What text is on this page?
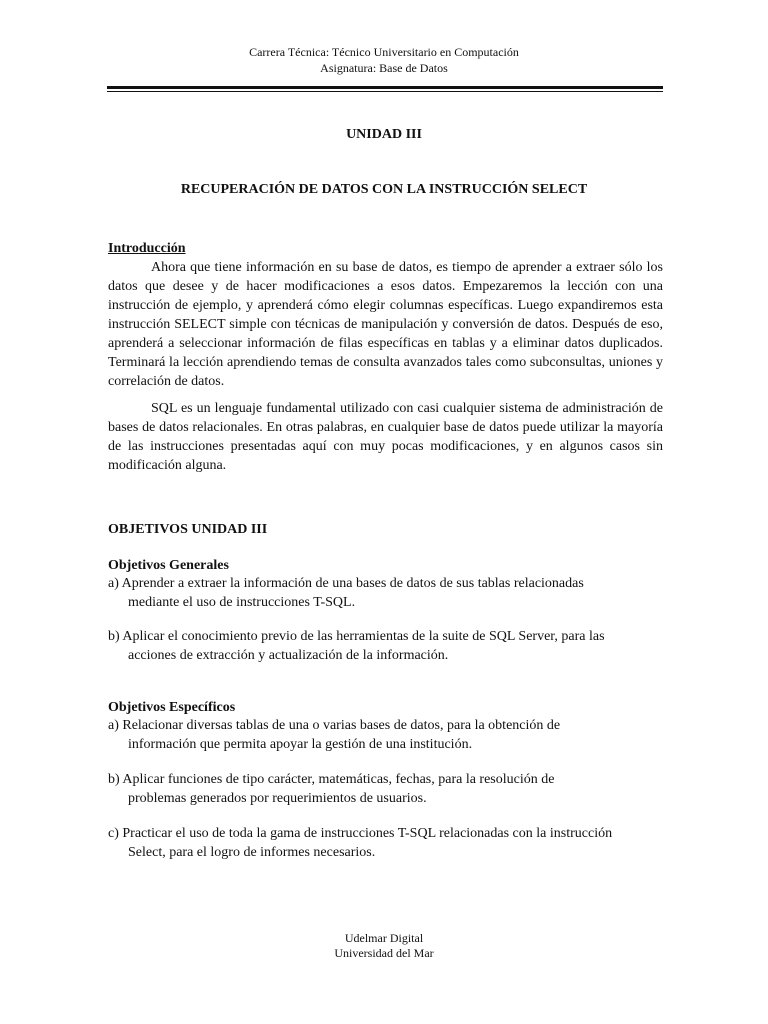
Carrera Técnica: Técnico Universitario en Computación
Asignatura: Base de Datos
UNIDAD III
RECUPERACIÓN DE DATOS CON LA INSTRUCCIÓN SELECT
Introducción

Ahora que tiene información en su base de datos, es tiempo de aprender a extraer sólo los datos que desee y de hacer modificaciones a esos datos. Empezaremos la lección con una instrucción de ejemplo, y aprenderá cómo elegir columnas específicas. Luego expandiremos esta instrucción SELECT simple con técnicas de manipulación y conversión de datos. Después de eso, aprenderá a seleccionar información de filas específicas en tablas y a eliminar datos duplicados. Terminará la lección aprendiendo temas de consulta avanzados tales como subconsultas, uniones y correlación de datos.

SQL es un lenguaje fundamental utilizado con casi cualquier sistema de administración de bases de datos relacionales. En otras palabras, en cualquier base de datos puede utilizar la mayoría de las instrucciones presentadas aquí con muy pocas modificaciones, y en algunos casos sin modificación alguna.

OBJETIVOS UNIDAD III
Objetivos Generales
a) Aprender a extraer la información de una bases de datos de sus tablas relacionadas
mediante el uso de instrucciones T-SQL.
b) Aplicar el conocimiento previo de las herramientas de la suite de SQL Server, para las
acciones de extracción y actualización de la información.
Objetivos Específicos
a) Relacionar diversas tablas de una o varias bases de datos, para la obtención de
información que permita apoyar la gestión de una institución.
b) Aplicar funciones de tipo carácter, matemáticas, fechas, para la resolución de
problemas generados por requerimientos de usuarios.
c) Practicar el uso de toda la gama de instrucciones T-SQL relacionadas con la instrucción
Select, para el logro de informes necesarios.
Udelmar Digital
Universidad del Mar
